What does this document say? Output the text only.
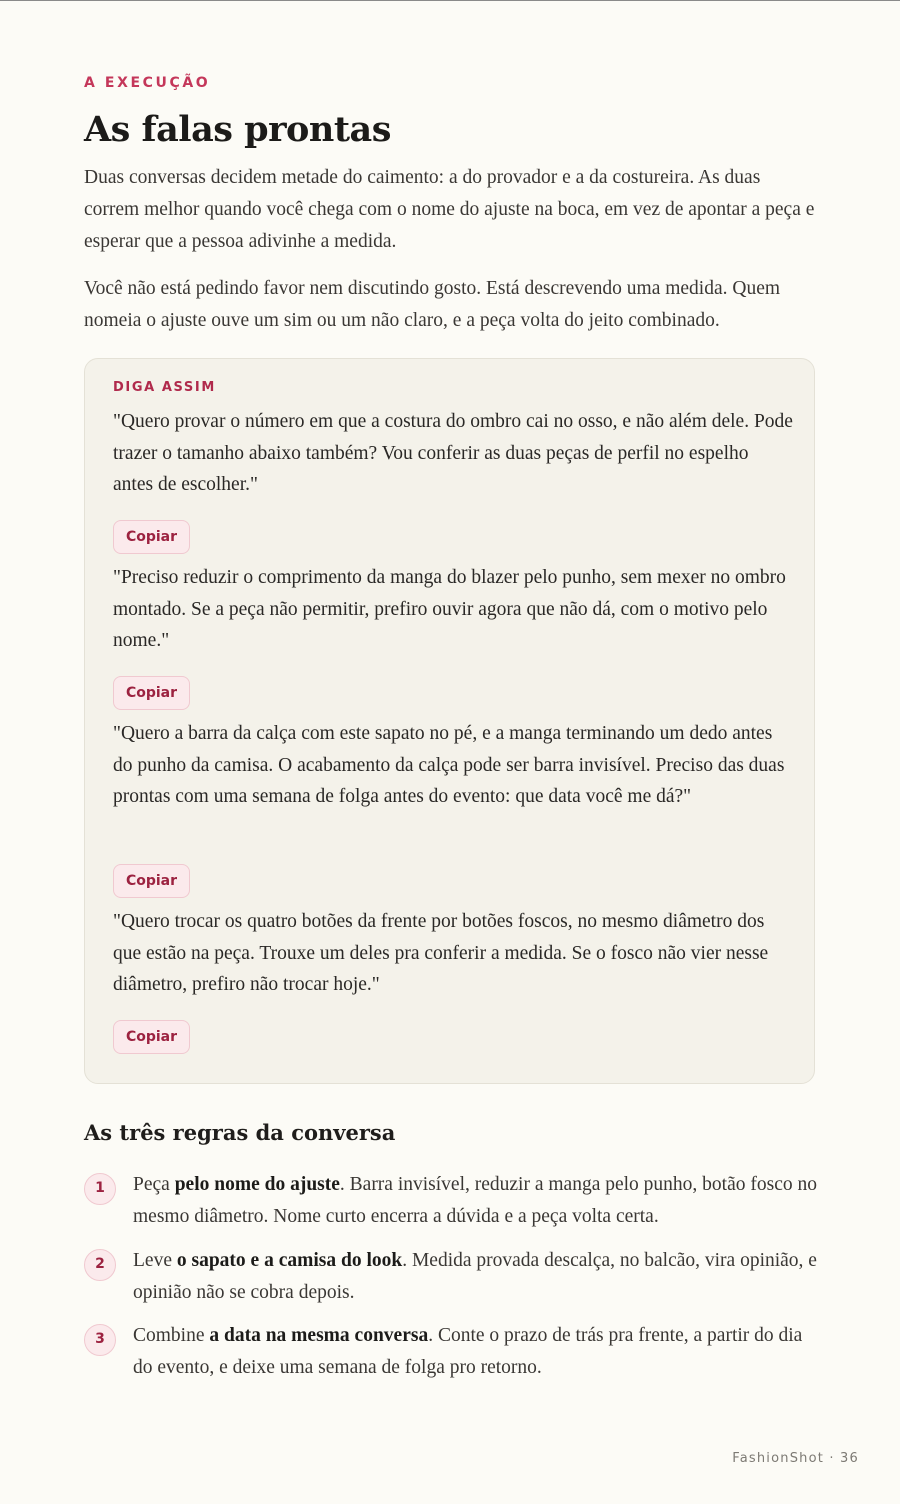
A EXECUÇÃO
As falas prontas

Duas conversas decidem metade do caimento: a do provador e a da costureira. As duas correm melhor quando você chega com o nome do ajuste na boca, em vez de apontar a peça e esperar que a pessoa adivinhe a medida.

Você não está pedindo favor nem discutindo gosto. Está descrevendo uma medida. Quem nomeia o ajuste ouve um sim ou um não claro, e a peça volta do jeito combinado.

DIGA ASSIM

"Quero provar o número em que a costura do ombro cai no osso, e não além dele. Pode trazer o tamanho abaixo também? Vou conferir as duas peças de perfil no espelho antes de escolher."

Copiar

"Preciso reduzir o comprimento da manga do blazer pelo punho, sem mexer no ombro montado. Se a peça não permitir, prefiro ouvir agora que não dá, com o motivo pelo nome."

Copiar

"Quero a barra da calça com este sapato no pé, e a manga terminando um dedo antes do punho da camisa. O acabamento da calça pode ser barra invisível. Preciso das duas prontas com uma semana de folga antes do evento: que data você me dá?"

Copiar

"Quero trocar os quatro botões da frente por botões foscos, no mesmo diâmetro dos que estão na peça. Trouxe um deles pra conferir a medida. Se o fosco não vier nesse diâmetro, prefiro não trocar hoje."

Copiar
As três regras da conversa
1	Peça pelo nome do ajuste. Barra invisível, reduzir a manga pelo punho, botão fosco no mesmo diâmetro. Nome curto encerra a dúvida e a peça volta certa.

2	Leve o sapato e a camisa do look. Medida provada descalça, no balcão, vira opinião, e opinião não se cobra depois.

3	Combine a data na mesma conversa. Conte o prazo de trás pra frente, a partir do dia do evento, e deixe uma semana de folga pro retorno.

FashionShot · 36
